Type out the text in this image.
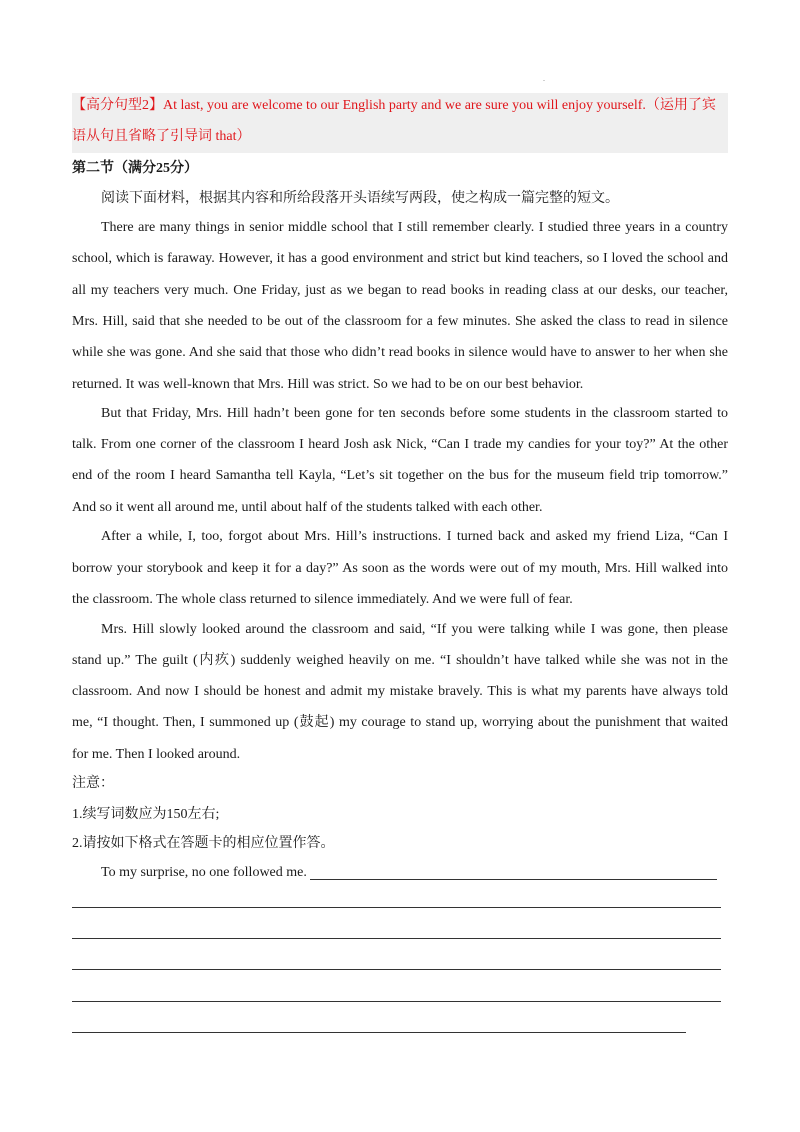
.
【高分句型2】At last, you are welcome to our English party and we are sure you will enjoy yourself.（运用了宾
语从句且省略了引导词 that）
第二节（满分25分）
阅读下面材料，根据其内容和所给段落开头语续写两段，使之构成一篇完整的短文。
There are many things in senior middle school that I still remember clearly. I studied three years in a country
school, which is faraway. However, it has a good environment and strict but kind teachers, so I loved the school and
all my teachers very much. One Friday, just as we began to read books in reading class at our desks, our teacher,
Mrs. Hill, said that she needed to be out of the classroom for a few minutes. She asked the class to read in silence
while she was gone. And she said that those who didn’t read books in silence would have to answer to her when she
returned. It was well-known that Mrs. Hill was strict. So we had to be on our best behavior.
But that Friday, Mrs. Hill hadn’t been gone for ten seconds before some students in the classroom started to
talk. From one corner of the classroom I heard Josh ask Nick, “Can I trade my candies for your toy?” At the other
end of the room I heard Samantha tell Kayla, “Let’s sit together on the bus for the museum field trip tomorrow.”
And so it went all around me, until about half of the students talked with each other.
After a while, I, too, forgot about Mrs. Hill’s instructions. I turned back and asked my friend Liza, “Can I
borrow your storybook and keep it for a day?” As soon as the words were out of my mouth, Mrs. Hill walked into
the classroom. The whole class returned to silence immediately. And we were full of fear.
Mrs. Hill slowly looked around the classroom and said, “If you were talking while I was gone, then please
stand up.” The guilt (内疚) suddenly weighed heavily on me. “I shouldn’t have talked while she was not in the
classroom. And now I should be honest and admit my mistake bravely. This is what my parents have always told
me, “I thought. Then, I summoned up (鼓起) my courage to stand up, worrying about the punishment that waited
for me. Then I looked around.
注意：
1.续写词数应为150左右;
2.请按如下格式在答题卡的相应位置作答。
To my surprise, no one followed me.
